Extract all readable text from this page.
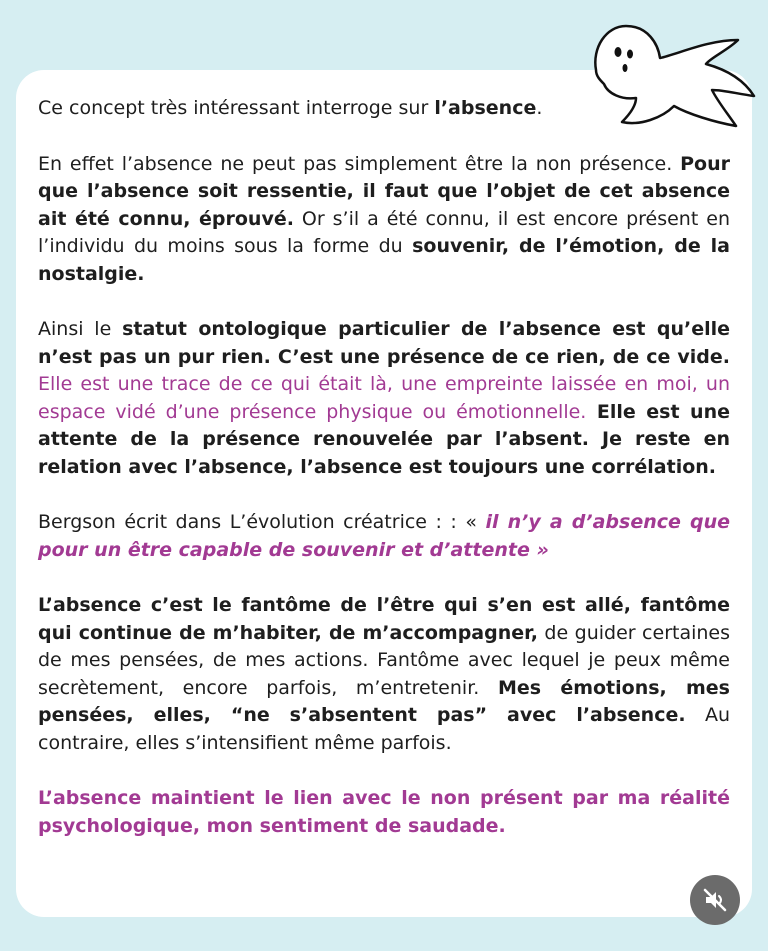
Ce concept très intéressant interroge sur l’absence.

En effet l’absence ne peut pas simplement être la non présence. Pour que l’absence soit ressentie, il faut que l’objet de cet absence ait été connu, éprouvé. Or s’il a été connu, il est encore présent en l’individu du moins sous la forme du souvenir, de l’émotion, de la nostalgie.

Ainsi le statut ontologique particulier de l’absence est qu’elle n’est pas un pur rien. C’est une présence de ce rien, de ce vide. Elle est une trace de ce qui était là, une empreinte laissée en moi, un espace vidé d’une présence physique ou émotionnelle. Elle est une attente de la présence renouvelée par l’absent. Je reste en relation avec l’absence, l’absence est toujours une corrélation.

Bergson écrit dans L’évolution créatrice : : « il n’y a d’absence que pour un être capable de souvenir et d’attente »

L’absence c’est le fantôme de l’être qui s’en est allé, fantôme qui continue de m’habiter, de m’accompagner, de guider certaines de mes pensées, de mes actions. Fantôme avec lequel je peux même secrètement, encore parfois, m’entretenir. Mes émotions, mes pensées, elles, “ne s’absentent pas” avec l’absence. Au contraire, elles s’intensifient même parfois.

L’absence maintient le lien avec le non présent par ma réalité psychologique, mon sentiment de saudade.
